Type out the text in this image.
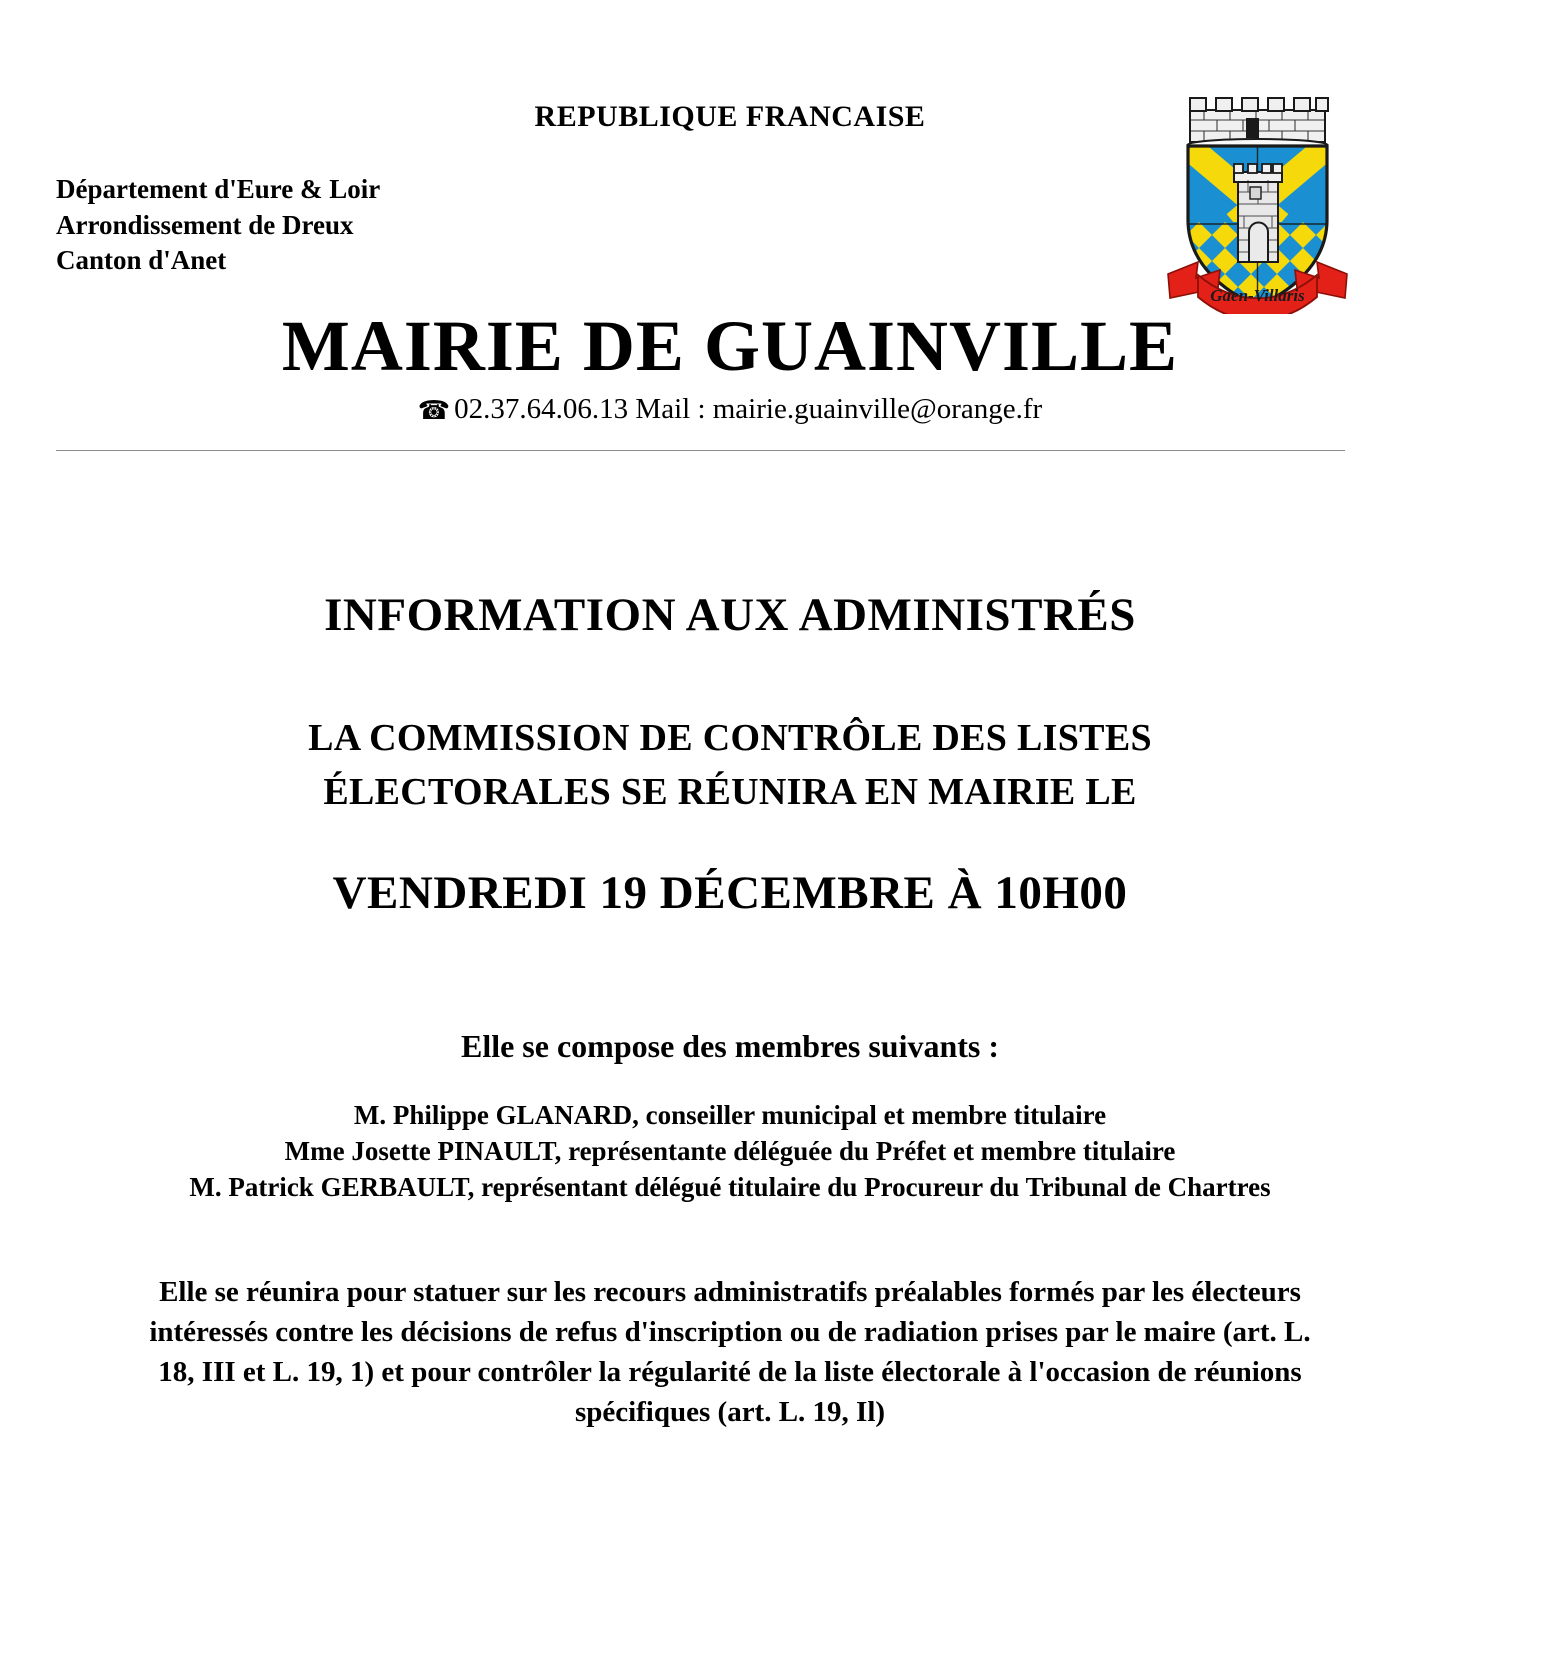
REPUBLIQUE FRANCAISE
Département d'Eure & Loir
Arrondissement de Dreux
Canton d'Anet
Gaen-Villaris
MAIRIE DE GUAINVILLE
☎ 02.37.64.06.13 Mail : mairie.guainville@orange.fr
INFORMATION AUX ADMINISTRÉS
LA COMMISSION DE CONTRÔLE DES LISTES
ÉLECTORALES SE RÉUNIRA EN MAIRIE LE
VENDREDI 19 DÉCEMBRE À 10H00
Elle se compose des membres suivants :
M. Philippe GLANARD, conseiller municipal et membre titulaire
Mme Josette PINAULT, représentante déléguée du Préfet et membre titulaire
M. Patrick GERBAULT, représentant délégué titulaire du Procureur du Tribunal de Chartres
Elle se réunira pour statuer sur les recours administratifs préalables formés par les électeurs
intéressés contre les décisions de refus d'inscription ou de radiation prises par le maire (art. L.
18, III et L. 19, 1) et pour contrôler la régularité de la liste électorale à l'occasion de réunions
spécifiques (art. L. 19, Il)
